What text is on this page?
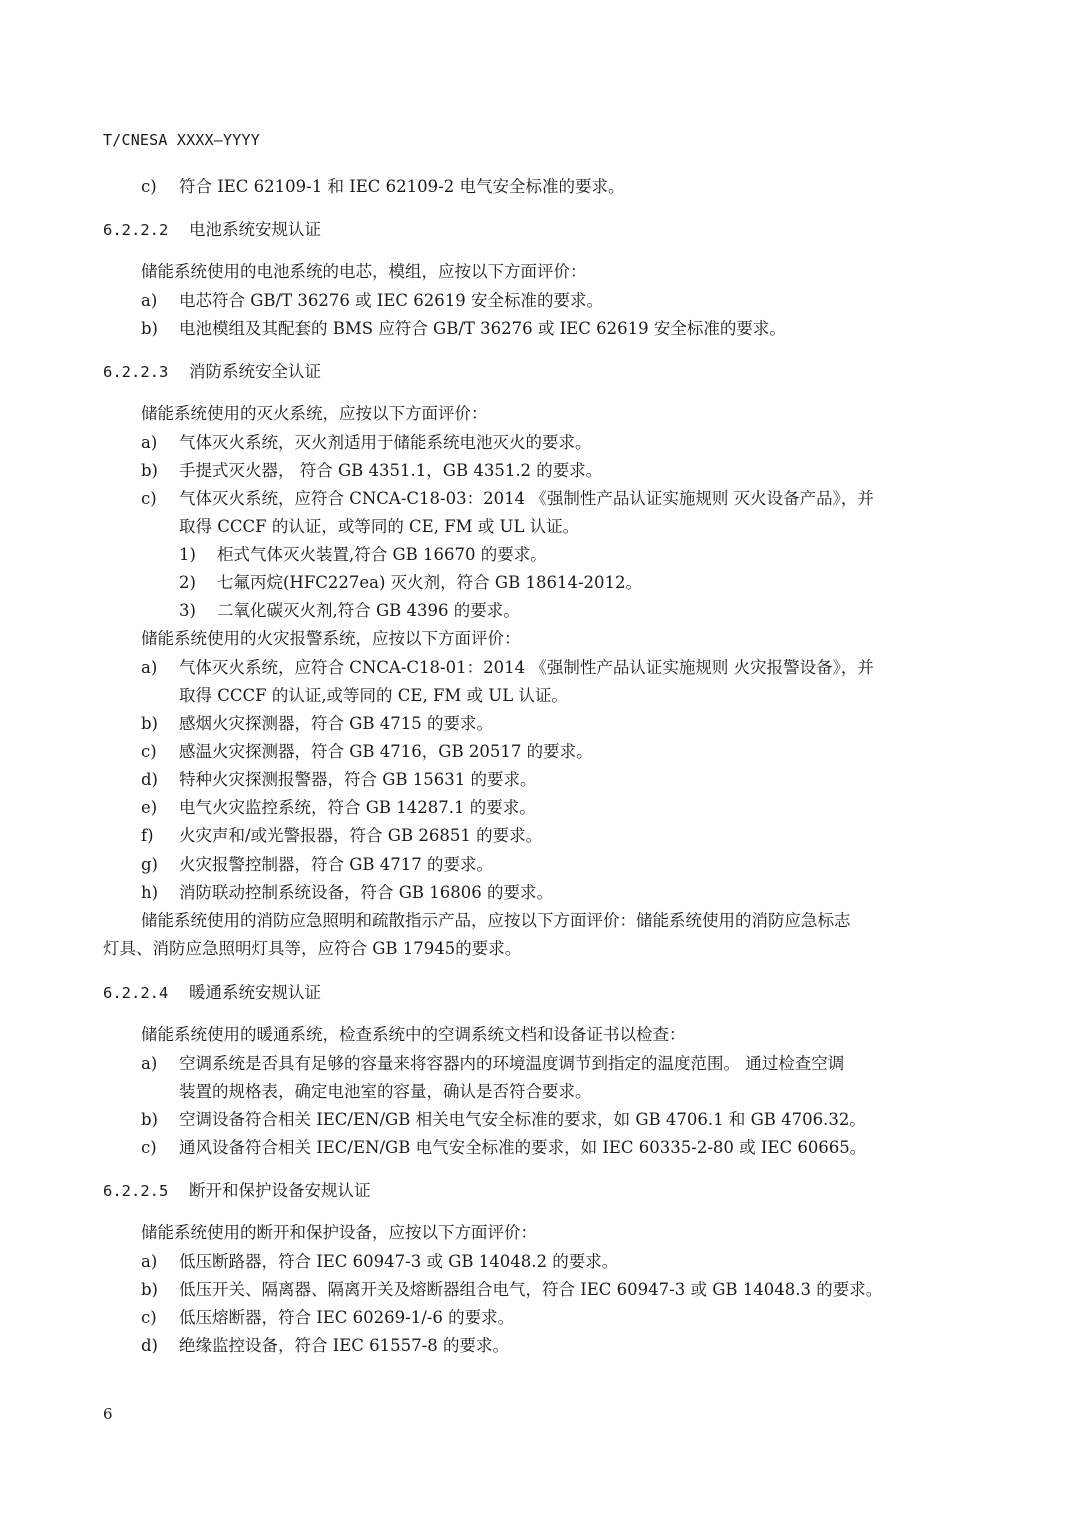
T/CNESA XXXX—YYYY
c) 符合 IEC 62109-1 和 IEC 62109-2 电气安全标准的要求。
6.2.2.2 电池系统安规认证
储能系统使用的电池系统的电芯，模组，应按以下方面评价：
a) 电芯符合 GB/T 36276 或 IEC 62619 安全标准的要求。
b) 电池模组及其配套的 BMS 应符合 GB/T 36276 或 IEC 62619 安全标准的要求。
6.2.2.3 消防系统安全认证
储能系统使用的灭火系统，应按以下方面评价：
a) 气体灭火系统，灭火剂适用于储能系统电池灭火的要求。
b) 手提式灭火器， 符合 GB 4351.1，GB 4351.2 的要求。
c) 气体灭火系统，应符合 CNCA-C18-03：2014 《强制性产品认证实施规则 灭火设备产品》，并
取得 CCCF 的认证，或等同的 CE, FM 或 UL 认证。
1) 柜式气体灭火装置,符合 GB 16670 的要求。
2) 七氟丙烷(HFC227ea) 灭火剂，符合 GB 18614-2012。
3) 二氧化碳灭火剂,符合 GB 4396 的要求。
储能系统使用的火灾报警系统，应按以下方面评价：
a) 气体灭火系统，应符合 CNCA-C18-01：2014 《强制性产品认证实施规则 火灾报警设备》，并
取得 CCCF 的认证,或等同的 CE, FM 或 UL 认证。
b) 感烟火灾探测器，符合 GB 4715 的要求。
c) 感温火灾探测器，符合 GB 4716，GB 20517 的要求。
d) 特种火灾探测报警器，符合 GB 15631 的要求。
e) 电气火灾监控系统，符合 GB 14287.1 的要求。
f) 火灾声和/或光警报器，符合 GB 26851 的要求。
g) 火灾报警控制器，符合 GB 4717 的要求。
h) 消防联动控制系统设备，符合 GB 16806 的要求。
储能系统使用的消防应急照明和疏散指示产品，应按以下方面评价：储能系统使用的消防应急标志
灯具、消防应急照明灯具等，应符合 GB 17945的要求。
6.2.2.4 暖通系统安规认证
储能系统使用的暖通系统，检查系统中的空调系统文档和设备证书以检查：
a) 空调系统是否具有足够的容量来将容器内的环境温度调节到指定的温度范围。 通过检查空调
装置的规格表，确定电池室的容量，确认是否符合要求。
b) 空调设备符合相关 IEC/EN/GB 相关电气安全标准的要求，如 GB 4706.1 和 GB 4706.32。
c) 通风设备符合相关 IEC/EN/GB 电气安全标准的要求，如 IEC 60335-2-80 或 IEC 60665。
6.2.2.5 断开和保护设备安规认证
储能系统使用的断开和保护设备，应按以下方面评价：
a) 低压断路器，符合 IEC 60947-3 或 GB 14048.2 的要求。
b) 低压开关、隔离器、隔离开关及熔断器组合电气，符合 IEC 60947-3 或 GB 14048.3 的要求。
c) 低压熔断器，符合 IEC 60269-1/-6 的要求。
d) 绝缘监控设备，符合 IEC 61557-8 的要求。
6
